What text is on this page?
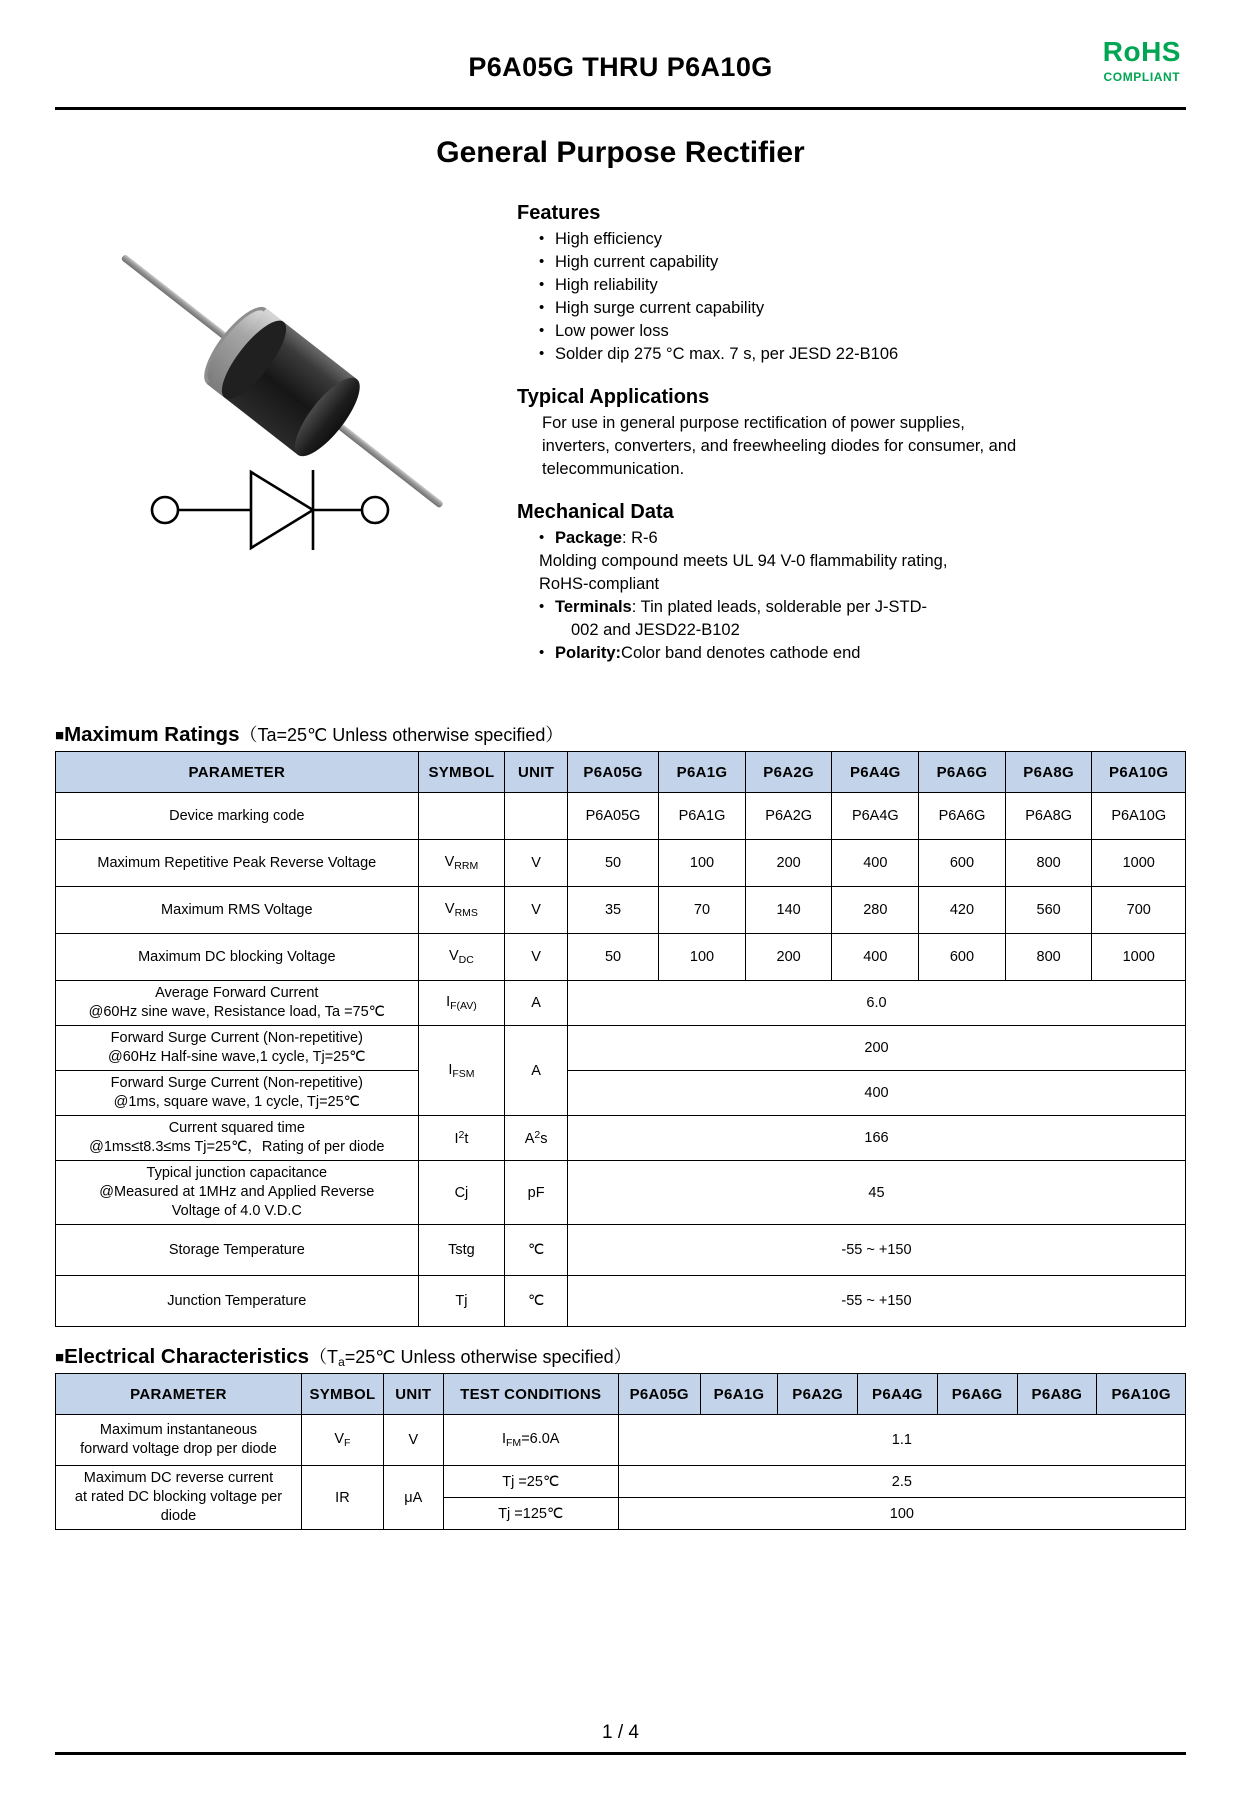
P6A05G THRU P6A10G	RoHS
COMPLIANT
General Purpose Rectifier
Features
• High efficiency
• High current capability
• High reliability
• High surge current capability
• Low power loss
• Solder dip 275 °C max. 7 s, per JESD 22-B106
Typical Applications
For use in general purpose rectification of power supplies, inverters, converters, and freewheeling diodes for consumer, and telecommunication.
Mechanical Data
• Package: R-6
Molding compound meets UL 94 V-0 flammability rating,
RoHS-compliant
• Terminals: Tin plated leads, solderable per J-STD-
002 and JESD22-B102
• Polarity:Color band denotes cathode end
■Maximum Ratings（Ta=25℃ Unless otherwise specified）
PARAMETER	SYMBOL	UNIT	P6A05G	P6A1G	P6A2G	P6A4G	P6A6G	P6A8G	P6A10G
Device marking code			P6A05G	P6A1G	P6A2G	P6A4G	P6A6G	P6A8G	P6A10G
Maximum Repetitive Peak Reverse Voltage	$V_{RRM}$	V	50	100	200	400	600	800	1000
Maximum RMS Voltage	$V_{RMS}$	V	35	70	140	280	420	560	700
Maximum DC blocking Voltage	$V_{DC}$	V	50	100	200	400	600	800	1000
Average Forward Current
@60Hz sine wave, Resistance load, Ta =75℃	$I_{F(AV)}$	A	6.0						
Forward Surge Current (Non-repetitive)
@60Hz Half-sine wave,1 cycle, Tj=25℃	$I_{FSM}$	A	200						
Forward Surge Current (Non-repetitive)
@1ms, square wave, 1 cycle, Tj=25℃			400						
Current squared time
@1ms≤t8.3≤ms Tj=25℃，Rating of per diode	$I^2t$	$A^2s$	166						
Typical junction capacitance
@Measured at 1MHz and Applied Reverse
Voltage of 4.0 V.D.C	Cj	pF	45						
Storage Temperature	Tstg	℃	-55 ~ +150						
Junction Temperature	Tj	℃	-55 ~ +150						
■Electrical $Characteristics(T_a=25℃$ Unless otherwise specified）
PARAMETER	SYMBOL	UNIT	TEST CONDITIONS	P6A05G	P6A1G	P6A2G	P6A4G	P6A6G	P6A8G	P6A10G
Maximum instantaneous
forward voltage drop per diode	$V_F$	V	$I_{FM}=6.0A$	1.1						
Maximum DC reverse current
at rated DC blocking voltage per
diode	IR	μA	Tj =25℃	2.5						
			Tj =125℃	100						
1 / 4
